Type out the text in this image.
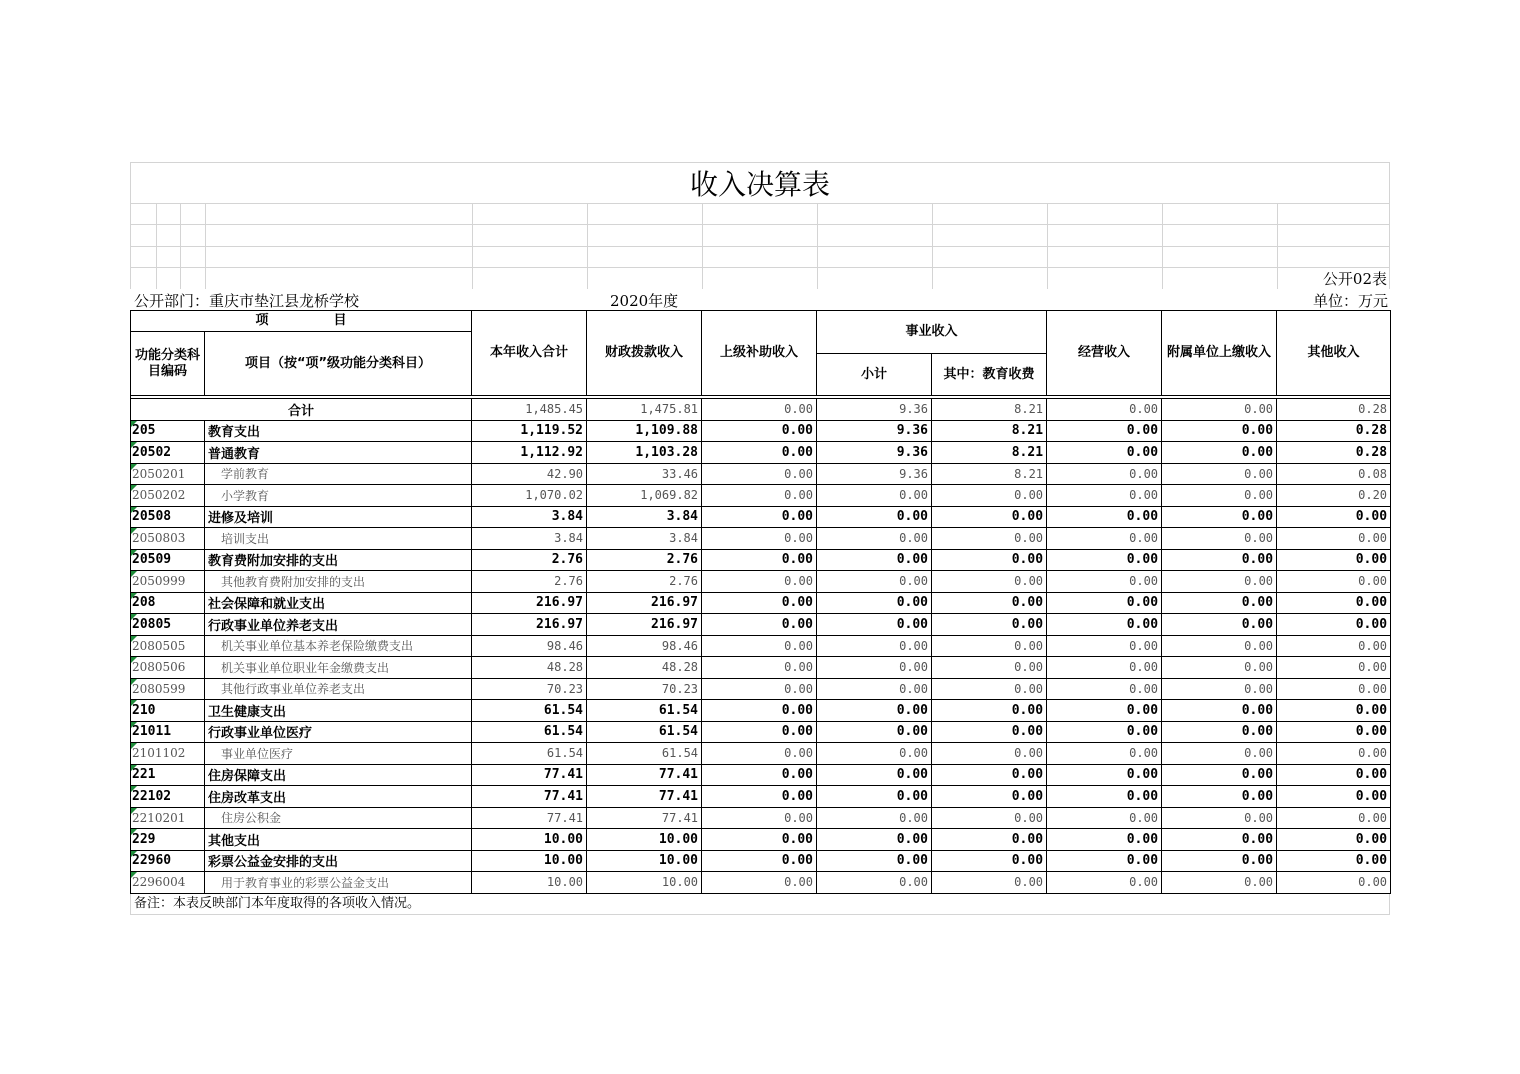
收入决算表
公开02表
公开部门：重庆市垫江县龙桥学校	2020年度	单位：万元
项　　　　　目		本年收入合计	财政拨款收入	上级补助收入	事业收入		经营收入	附属单位上缴收入	其他收入
功能分类科目编码	项目（按“项”级功能分类科目）								
					小计	其中：教育收费			

合计		1,485.45	1,475.81	0.00	9.36	8.21	0.00	0.00	0.28
205	教育支出	1,119.52	1,109.88	0.00	9.36	8.21	0.00	0.00	0.28
20502	普通教育	1,112.92	1,103.28	0.00	9.36	8.21	0.00	0.00	0.28
2050201	学前教育	42.90	33.46	0.00	9.36	8.21	0.00	0.00	0.08
2050202	小学教育	1,070.02	1,069.82	0.00	0.00	0.00	0.00	0.00	0.20
20508	进修及培训	3.84	3.84	0.00	0.00	0.00	0.00	0.00	0.00
2050803	培训支出	3.84	3.84	0.00	0.00	0.00	0.00	0.00	0.00
20509	教育费附加安排的支出	2.76	2.76	0.00	0.00	0.00	0.00	0.00	0.00
2050999	其他教育费附加安排的支出	2.76	2.76	0.00	0.00	0.00	0.00	0.00	0.00
208	社会保障和就业支出	216.97	216.97	0.00	0.00	0.00	0.00	0.00	0.00
20805	行政事业单位养老支出	216.97	216.97	0.00	0.00	0.00	0.00	0.00	0.00
2080505	机关事业单位基本养老保险缴费支出	98.46	98.46	0.00	0.00	0.00	0.00	0.00	0.00
2080506	机关事业单位职业年金缴费支出	48.28	48.28	0.00	0.00	0.00	0.00	0.00	0.00
2080599	其他行政事业单位养老支出	70.23	70.23	0.00	0.00	0.00	0.00	0.00	0.00
210	卫生健康支出	61.54	61.54	0.00	0.00	0.00	0.00	0.00	0.00
21011	行政事业单位医疗	61.54	61.54	0.00	0.00	0.00	0.00	0.00	0.00
2101102	事业单位医疗	61.54	61.54	0.00	0.00	0.00	0.00	0.00	0.00
221	住房保障支出	77.41	77.41	0.00	0.00	0.00	0.00	0.00	0.00
22102	住房改革支出	77.41	77.41	0.00	0.00	0.00	0.00	0.00	0.00
2210201	住房公积金	77.41	77.41	0.00	0.00	0.00	0.00	0.00	0.00
229	其他支出	10.00	10.00	0.00	0.00	0.00	0.00	0.00	0.00
22960	彩票公益金安排的支出	10.00	10.00	0.00	0.00	0.00	0.00	0.00	0.00
2296004	用于教育事业的彩票公益金支出	10.00	10.00	0.00	0.00	0.00	0.00	0.00	0.00
备注：本表反映部门本年度取得的各项收入情况。
